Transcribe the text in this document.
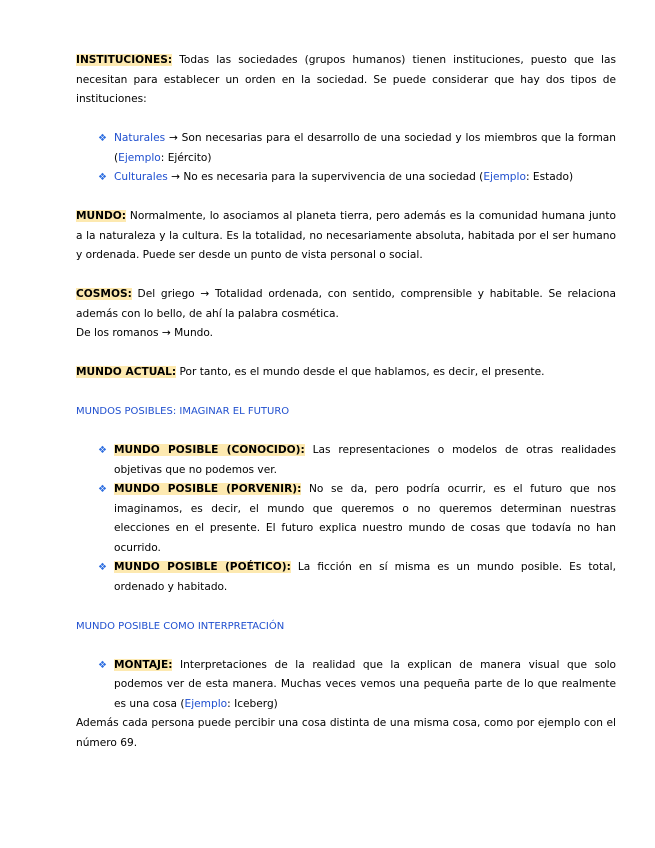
INSTITUCIONES: Todas las sociedades (grupos humanos) tienen instituciones, puesto que las necesitan para establecer un orden en la sociedad. Se puede considerar que hay dos tipos de instituciones:

❖ Naturales → Son necesarias para el desarrollo de una sociedad y los miembros que la forman (Ejemplo: Ejército)
❖ Culturales → No es necesaria para la supervivencia de una sociedad (Ejemplo: Estado)

MUNDO: Normalmente, lo asociamos al planeta tierra, pero además es la comunidad humana junto a la naturaleza y la cultura. Es la totalidad, no necesariamente absoluta, habitada por el ser humano y ordenada. Puede ser desde un punto de vista personal o social.

COSMOS: Del griego → Totalidad ordenada, con sentido, comprensible y habitable. Se relaciona además con lo bello, de ahí la palabra cosmética.

De los romanos → Mundo.

MUNDO ACTUAL: Por tanto, es el mundo desde el que hablamos, es decir, el presente.

MUNDOS POSIBLES: IMAGINAR EL FUTURO

❖ MUNDO POSIBLE (CONOCIDO): Las representaciones o modelos de otras realidades objetivas que no podemos ver.
❖ MUNDO POSIBLE (PORVENIR): No se da, pero podría ocurrir, es el futuro que nos imaginamos, es decir, el mundo que queremos o no queremos determinan nuestras elecciones en el presente. El futuro explica nuestro mundo de cosas que todavía no han ocurrido.
❖ MUNDO POSIBLE (POÉTICO): La ficción en sí misma es un mundo posible. Es total, ordenado y habitado.

MUNDO POSIBLE COMO INTERPRETACIÓN

❖ MONTAJE: Interpretaciones de la realidad que la explican de manera visual que solo podemos ver de esta manera. Muchas veces vemos una pequeña parte de lo que realmente es una cosa (Ejemplo: Iceberg)

Además cada persona puede percibir una cosa distinta de una misma cosa, como por ejemplo con el número 69.
